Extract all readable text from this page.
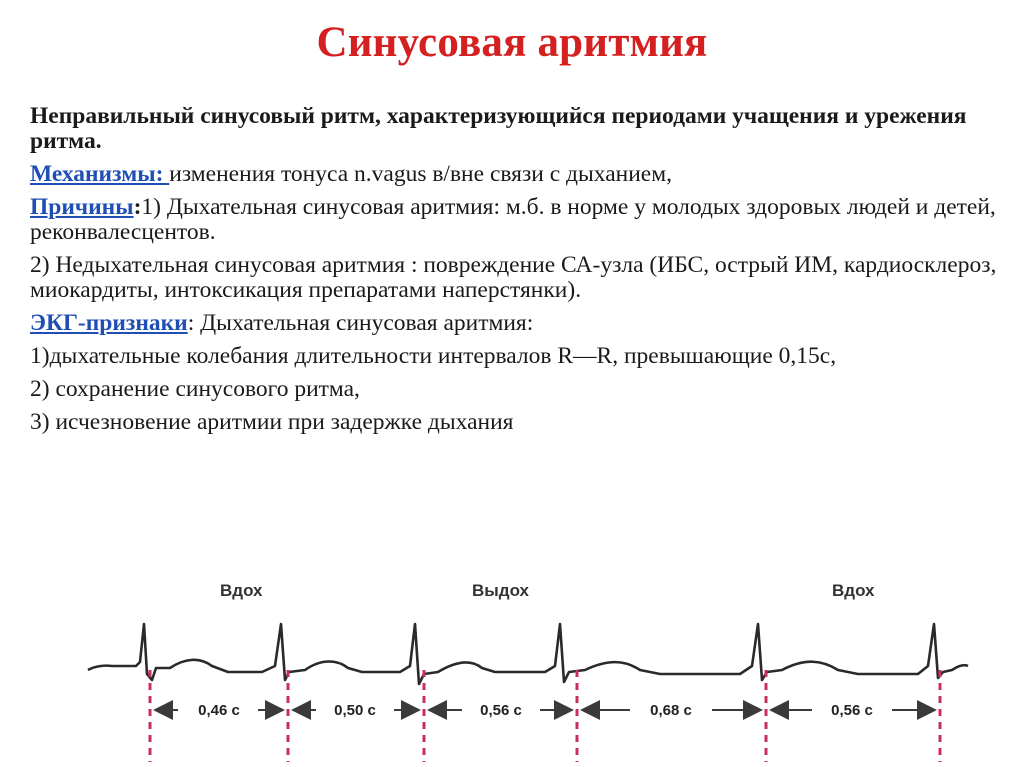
Синусовая аритмия

Неправильный синусовый ритм, характеризующийся периодами учащения и урежения ритма.

Механизмы: изменения тонуса n.vagus в/вне связи с дыханием,

Причины:1) Дыхательная синусовая аритмия: м.б. в норме у молодых здоровых людей и детей, реконвалесцентов.

2) Недыхательная синусовая аритмия : повреждение СА-узла (ИБС, острый ИМ, кардиосклероз, миокардиты, интоксикация препаратами наперстянки).

ЭКГ-признаки: Дыхательная синусовая аритмия:

1)дыхательные колебания длительности интервалов R—R, превышающие 0,15с,

2) сохранение синусового ритма,

3) исчезновение аритмии при задержке дыхания

Вдох	Выдох	Вдох
0,46 с	0,50 с	0,56 с	0,68 с	0,56 с
